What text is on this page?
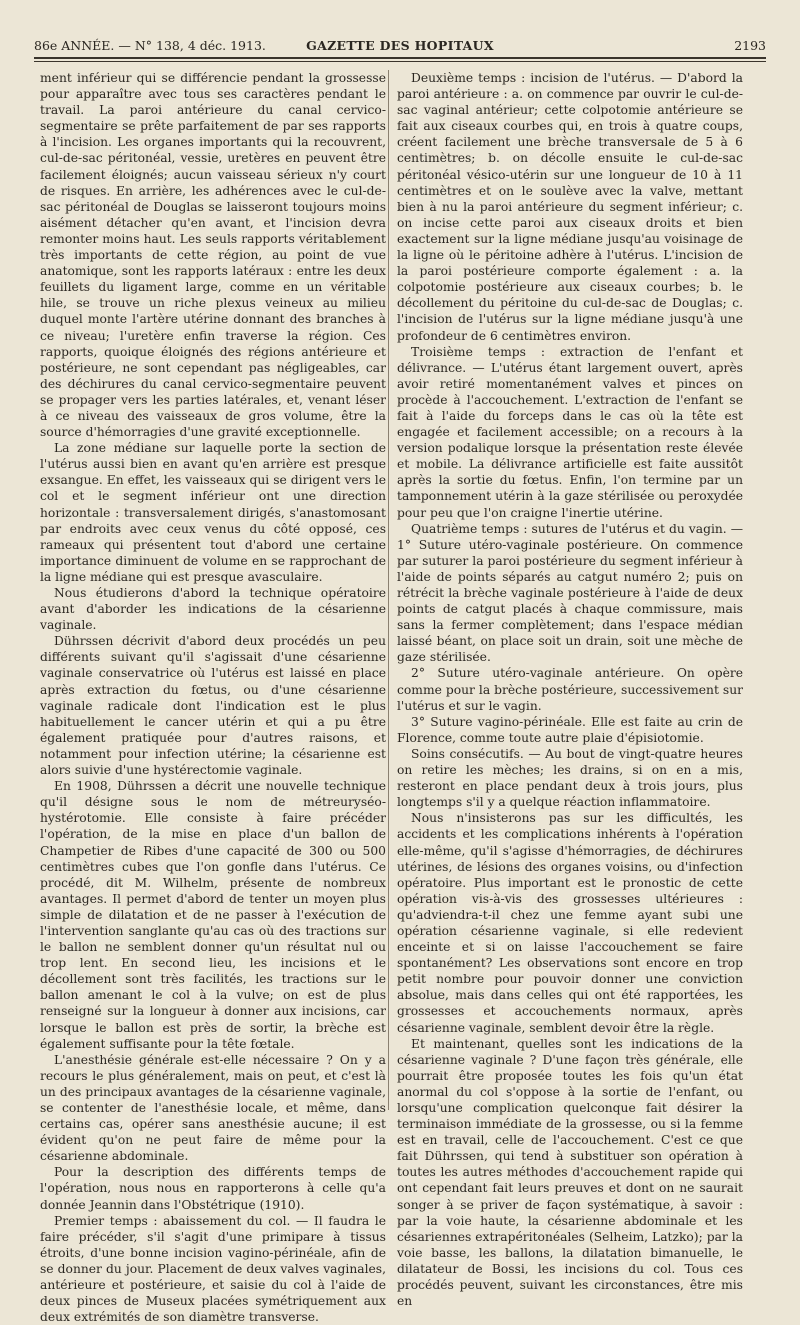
86e ANNÉE. — N° 138, 4 déc. 1913.	GAZETTE DES HOPITAUX	2193

ment inférieur qui se différencie pendant la grossesse pour apparaître avec tous ses caractères pendant le travail. La paroi antérieure du canal cervico-segmentaire se prête parfaitement de par ses rapports à l'incision. Les organes importants qui la recouvrent, cul-de-sac péritonéal, vessie, uretères en peuvent être facilement éloignés; aucun vaisseau sérieux n'y court de risques. En arrière, les adhérences avec le cul-de-sac péritonéal de Douglas se laisseront toujours moins aisément détacher qu'en avant, et l'incision devra remonter moins haut. Les seuls rapports véritablement très importants de cette région, au point de vue anatomique, sont les rapports latéraux : entre les deux feuillets du ligament large, comme en un véritable hile, se trouve un riche plexus veineux au milieu duquel monte l'artère utérine donnant des branches à ce niveau; l'uretère enfin traverse la région. Ces rapports, quoique éloignés des régions antérieure et postérieure, ne sont cependant pas négligeables, car des déchirures du canal cervico-segmentaire peuvent se propager vers les parties latérales, et, venant léser à ce niveau des vaisseaux de gros volume, être la source d'hémorragies d'une gravité exceptionnelle.

La zone médiane sur laquelle porte la section de l'utérus aussi bien en avant qu'en arrière est presque exsangue. En effet, les vaisseaux qui se dirigent vers le col et le segment inférieur ont une direction horizontale : transversalement dirigés, s'anastomosant par endroits avec ceux venus du côté opposé, ces rameaux qui présentent tout d'abord une certaine importance diminuent de volume en se rapprochant de la ligne médiane qui est presque avasculaire.

Nous étudierons d'abord la technique opératoire avant d'aborder les indications de la césarienne vaginale.

Dührssen décrivit d'abord deux procédés un peu différents suivant qu'il s'agissait d'une césarienne vaginale conservatrice où l'utérus est laissé en place après extraction du fœtus, ou d'une césarienne vaginale radicale dont l'indication est le plus habituellement le cancer utérin et qui a pu être également pratiquée pour d'autres raisons, et notamment pour infection utérine; la césarienne est alors suivie d'une hystérectomie vaginale.

En 1908, Dührssen a décrit une nouvelle technique qu'il désigne sous le nom de métreuryséo-hystérotomie. Elle consiste à faire précéder l'opération, de la mise en place d'un ballon de Champetier de Ribes d'une capacité de 300 ou 500 centimètres cubes que l'on gonfle dans l'utérus. Ce procédé, dit M. Wilhelm, présente de nombreux avantages. Il permet d'abord de tenter un moyen plus simple de dilatation et de ne passer à l'exécution de l'intervention sanglante qu'au cas où des tractions sur le ballon ne semblent donner qu'un résultat nul ou trop lent. En second lieu, les incisions et le décollement sont très facilités, les tractions sur le ballon amenant le col à la vulve; on est de plus renseigné sur la longueur à donner aux incisions, car lorsque le ballon est près de sortir, la brèche est également suffisante pour la tête fœtale.

L'anesthésie générale est-elle nécessaire ? On y a recours le plus généralement, mais on peut, et c'est là un des principaux avantages de la césarienne vaginale, se contenter de l'anesthésie locale, et même, dans certains cas, opérer sans anesthésie aucune; il est évident qu'on ne peut faire de même pour la césarienne abdominale.

Pour la description des différents temps de l'opération, nous nous en rapporterons à celle qu'a donnée Jeannin dans l'Obstétrique (1910).

Premier temps : abaissement du col. — Il faudra le faire précéder, s'il s'agit d'une primipare à tissus étroits, d'une bonne incision vagino-périnéale, afin de se donner du jour. Placement de deux valves vaginales, antérieure et postérieure, et saisie du col à l'aide de deux pinces de Museux placées symétriquement aux deux extrémités de son diamètre transverse.

Deuxième temps : incision de l'utérus. — D'abord la paroi antérieure : a. on commence par ouvrir le cul-de-sac vaginal antérieur; cette colpotomie antérieure se fait aux ciseaux courbes qui, en trois à quatre coups, créent facilement une brèche transversale de 5 à 6 centimètres; b. on décolle ensuite le cul-de-sac péritonéal vésico-utérin sur une longueur de 10 à 11 centimètres et on le soulève avec la valve, mettant bien à nu la paroi antérieure du segment inférieur; c. on incise cette paroi aux ciseaux droits et bien exactement sur la ligne médiane jusqu'au voisinage de la ligne où le péritoine adhère à l'utérus. L'incision de la paroi postérieure comporte également : a. la colpotomie postérieure aux ciseaux courbes; b. le décollement du péritoine du cul-de-sac de Douglas; c. l'incision de l'utérus sur la ligne médiane jusqu'à une profondeur de 6 centimètres environ.

Troisième temps : extraction de l'enfant et délivrance. — L'utérus étant largement ouvert, après avoir retiré momentanément valves et pinces on procède à l'accouchement. L'extraction de l'enfant se fait à l'aide du forceps dans le cas où la tête est engagée et facilement accessible; on a recours à la version podalique lorsque la présentation reste élevée et mobile. La délivrance artificielle est faite aussitôt après la sortie du fœtus. Enfin, l'on termine par un tamponnement utérin à la gaze stérilisée ou peroxydée pour peu que l'on craigne l'inertie utérine.

Quatrième temps : sutures de l'utérus et du vagin. — 1° Suture utéro-vaginale postérieure. On commence par suturer la paroi postérieure du segment inférieur à l'aide de points séparés au catgut numéro 2; puis on rétrécit la brèche vaginale postérieure à l'aide de deux points de catgut placés à chaque commissure, mais sans la fermer complètement; dans l'espace médian laissé béant, on place soit un drain, soit une mèche de gaze stérilisée.

2° Suture utéro-vaginale antérieure. On opère comme pour la brèche postérieure, successivement sur l'utérus et sur le vagin.

3° Suture vagino-périnéale. Elle est faite au crin de Florence, comme toute autre plaie d'épisiotomie.

Soins consécutifs. — Au bout de vingt-quatre heures on retire les mèches; les drains, si on en a mis, resteront en place pendant deux à trois jours, plus longtemps s'il y a quelque réaction inflammatoire.

Nous n'insisterons pas sur les difficultés, les accidents et les complications inhérents à l'opération elle-même, qu'il s'agisse d'hémorragies, de déchirures utérines, de lésions des organes voisins, ou d'infection opératoire. Plus important est le pronostic de cette opération vis-à-vis des grossesses ultérieures : qu'adviendra-t-il chez une femme ayant subi une opération césarienne vaginale, si elle redevient enceinte et si on laisse l'accouchement se faire spontanément? Les observations sont encore en trop petit nombre pour pouvoir donner une conviction absolue, mais dans celles qui ont été rapportées, les grossesses et accouchements normaux, après césarienne vaginale, semblent devoir être la règle.

Et maintenant, quelles sont les indications de la césarienne vaginale ? D'une façon très générale, elle pourrait être proposée toutes les fois qu'un état anormal du col s'oppose à la sortie de l'enfant, ou lorsqu'une complication quelconque fait désirer la terminaison immédiate de la grossesse, ou si la femme est en travail, celle de l'accouchement. C'est ce que fait Dührssen, qui tend à substituer son opération à toutes les autres méthodes d'accouchement rapide qui ont cependant fait leurs preuves et dont on ne saurait songer à se priver de façon systématique, à savoir : par la voie haute, la césarienne abdominale et les césariennes extrapéritonéales (Selheim, Latzko); par la voie basse, les ballons, la dilatation bimanuelle, le dilatateur de Bossi, les incisions du col. Tous ces procédés peuvent, suivant les circonstances, être mis en
